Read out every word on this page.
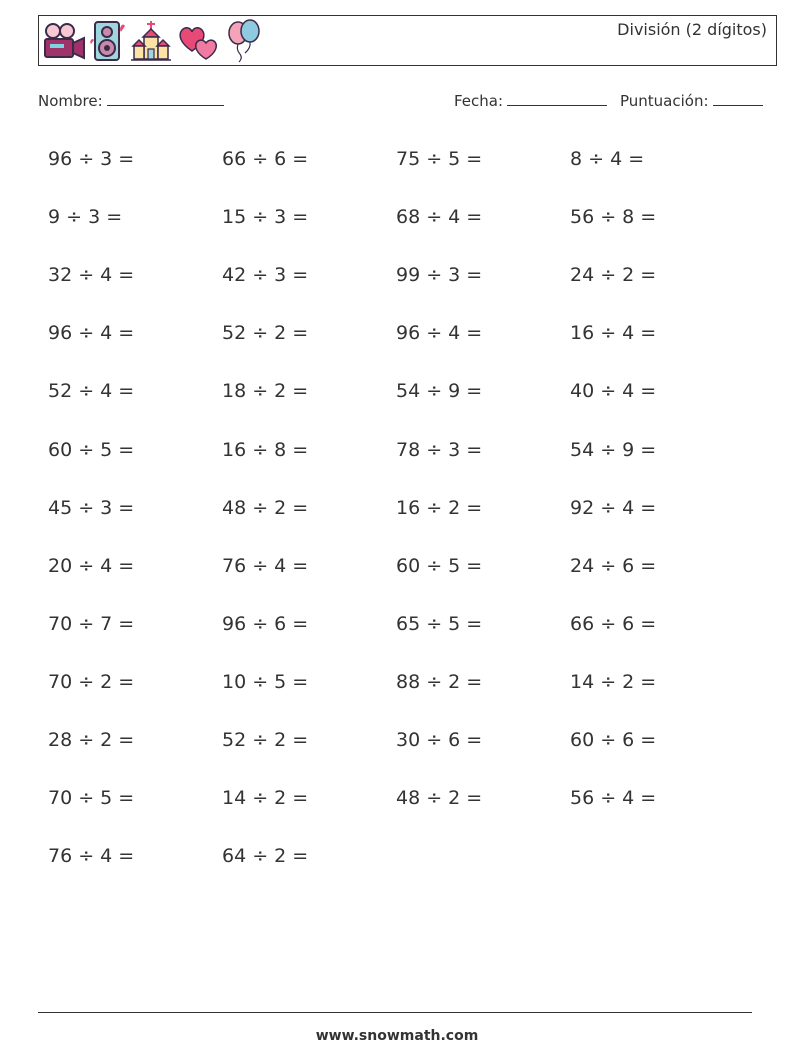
División (2 dígitos)
Nombre:	Fecha:	Puntuación:
96 ÷ 3 =	66 ÷ 6 =	75 ÷ 5 =	8 ÷ 4 =
9 ÷ 3 =	15 ÷ 3 =	68 ÷ 4 =	56 ÷ 8 =
32 ÷ 4 =	42 ÷ 3 =	99 ÷ 3 =	24 ÷ 2 =
96 ÷ 4 =	52 ÷ 2 =	96 ÷ 4 =	16 ÷ 4 =
52 ÷ 4 =	18 ÷ 2 =	54 ÷ 9 =	40 ÷ 4 =
60 ÷ 5 =	16 ÷ 8 =	78 ÷ 3 =	54 ÷ 9 =
45 ÷ 3 =	48 ÷ 2 =	16 ÷ 2 =	92 ÷ 4 =
20 ÷ 4 =	76 ÷ 4 =	60 ÷ 5 =	24 ÷ 6 =
70 ÷ 7 =	96 ÷ 6 =	65 ÷ 5 =	66 ÷ 6 =
70 ÷ 2 =	10 ÷ 5 =	88 ÷ 2 =	14 ÷ 2 =
28 ÷ 2 =	52 ÷ 2 =	30 ÷ 6 =	60 ÷ 6 =
70 ÷ 5 =	14 ÷ 2 =	48 ÷ 2 =	56 ÷ 4 =
76 ÷ 4 =	64 ÷ 2 =
www.snowmath.com
